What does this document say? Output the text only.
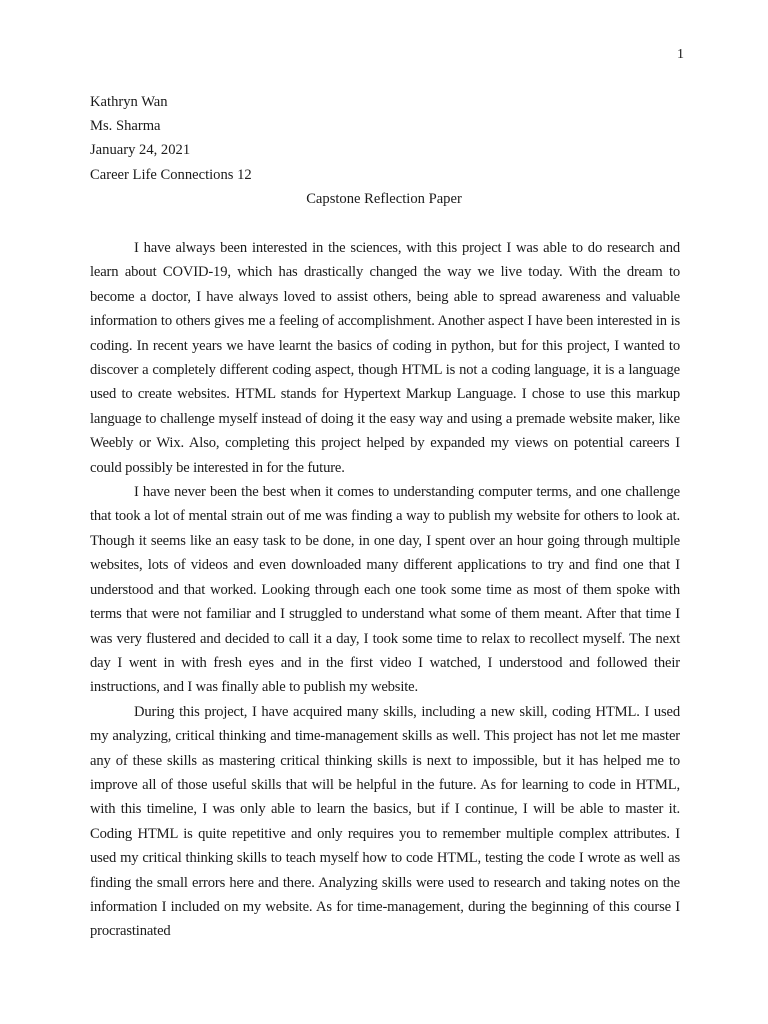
1
Kathryn Wan
Ms. Sharma
January 24, 2021
Career Life Connections 12
Capstone Reflection Paper

I have always been interested in the sciences, with this project I was able to do research and learn about COVID-19, which has drastically changed the way we live today. With the dream to become a doctor, I have always loved to assist others, being able to spread awareness and valuable information to others gives me a feeling of accomplishment. Another aspect I have been interested in is coding. In recent years we have learnt the basics of coding in python, but for this project, I wanted to discover a completely different coding aspect, though HTML is not a coding language, it is a language used to create websites. HTML stands for Hypertext Markup Language. I chose to use this markup language to challenge myself instead of doing it the easy way and using a premade website maker, like Weebly or Wix. Also, completing this project helped by expanded my views on potential careers I could possibly be interested in for the future.

I have never been the best when it comes to understanding computer terms, and one challenge that took a lot of mental strain out of me was finding a way to publish my website for others to look at. Though it seems like an easy task to be done, in one day, I spent over an hour going through multiple websites, lots of videos and even downloaded many different applications to try and find one that I understood and that worked. Looking through each one took some time as most of them spoke with terms that were not familiar and I struggled to understand what some of them meant. After that time I was very flustered and decided to call it a day, I took some time to relax to recollect myself. The next day I went in with fresh eyes and in the first video I watched, I understood and followed their instructions, and I was finally able to publish my website.

During this project, I have acquired many skills, including a new skill, coding HTML. I used my analyzing, critical thinking and time-management skills as well. This project has not let me master any of these skills as mastering critical thinking skills is next to impossible, but it has helped me to improve all of those useful skills that will be helpful in the future. As for learning to code in HTML, with this timeline, I was only able to learn the basics, but if I continue, I will be able to master it. Coding HTML is quite repetitive and only requires you to remember multiple complex attributes. I used my critical thinking skills to teach myself how to code HTML, testing the code I wrote as well as finding the small errors here and there. Analyzing skills were used to research and taking notes on the information I included on my website. As for time-management, during the beginning of this course I procrastinated
